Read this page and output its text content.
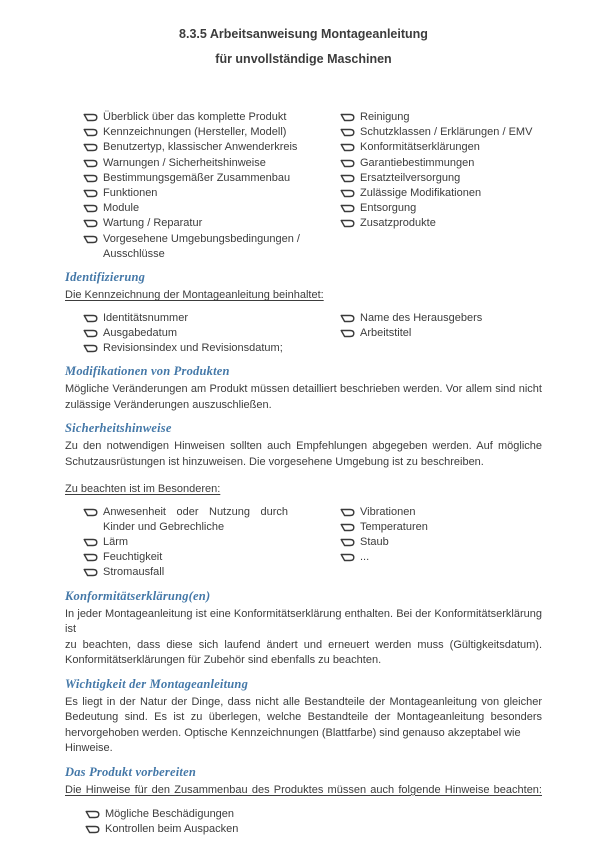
8.3.5 Arbeitsanweisung Montageanleitung
für unvollständige Maschinen
Überblick über das komplette Produkt
Kennzeichnungen (Hersteller, Modell)
Benutzertyp, klassischer Anwenderkreis
Warnungen / Sicherheitshinweise
Bestimmungsgemäßer Zusammenbau
Funktionen
Module
Wartung / Reparatur
Vorgesehene Umgebungsbedingungen /
Ausschlüsse
Reinigung
Schutzklassen / Erklärungen / EMV
Konformitätserklärungen
Garantiebestimmungen
Ersatzteilversorgung
Zulässige Modifikationen
Entsorgung
Zusatzprodukte
Identifizierung
Die Kennzeichnung der Montageanleitung beinhaltet:
Identitätsnummer
Ausgabedatum
Revisionsindex und Revisionsdatum;
Name des Herausgebers
Arbeitstitel
Modifikationen von Produkten
Mögliche Veränderungen am Produkt müssen detailliert beschrieben werden. Vor allem sind nicht
zulässige Veränderungen auszuschließen.
Sicherheitshinweise
Zu den notwendigen Hinweisen sollten auch Empfehlungen abgegeben werden. Auf mögliche
Schutzausrüstungen ist hinzuweisen. Die vorgesehene Umgebung ist zu beschreiben.
Zu beachten ist im Besonderen:
Anwesenheit oder Nutzung durch
Kinder und Gebrechliche
Lärm
Feuchtigkeit
Stromausfall
Vibrationen
Temperaturen
Staub
...
Konformitätserklärung(en)
In jeder Montageanleitung ist eine Konformitätserklärung enthalten. Bei der Konformitätserklärung ist
zu beachten, dass diese sich laufend ändert und erneuert werden muss (Gültigkeitsdatum).
Konformitätserklärungen für Zubehör sind ebenfalls zu beachten.
Wichtigkeit der Montageanleitung
Es liegt in der Natur der Dinge, dass nicht alle Bestandteile der Montageanleitung von gleicher
Bedeutung sind. Es ist zu überlegen, welche Bestandteile der Montageanleitung besonders
hervorgehoben werden. Optische Kennzeichnungen (Blattfarbe) sind genauso akzeptabel wie Hinweise.
Das Produkt vorbereiten
Die Hinweise für den Zusammenbau des Produktes müssen auch folgende Hinweise beachten:
Mögliche Beschädigungen
Kontrollen beim Auspacken
